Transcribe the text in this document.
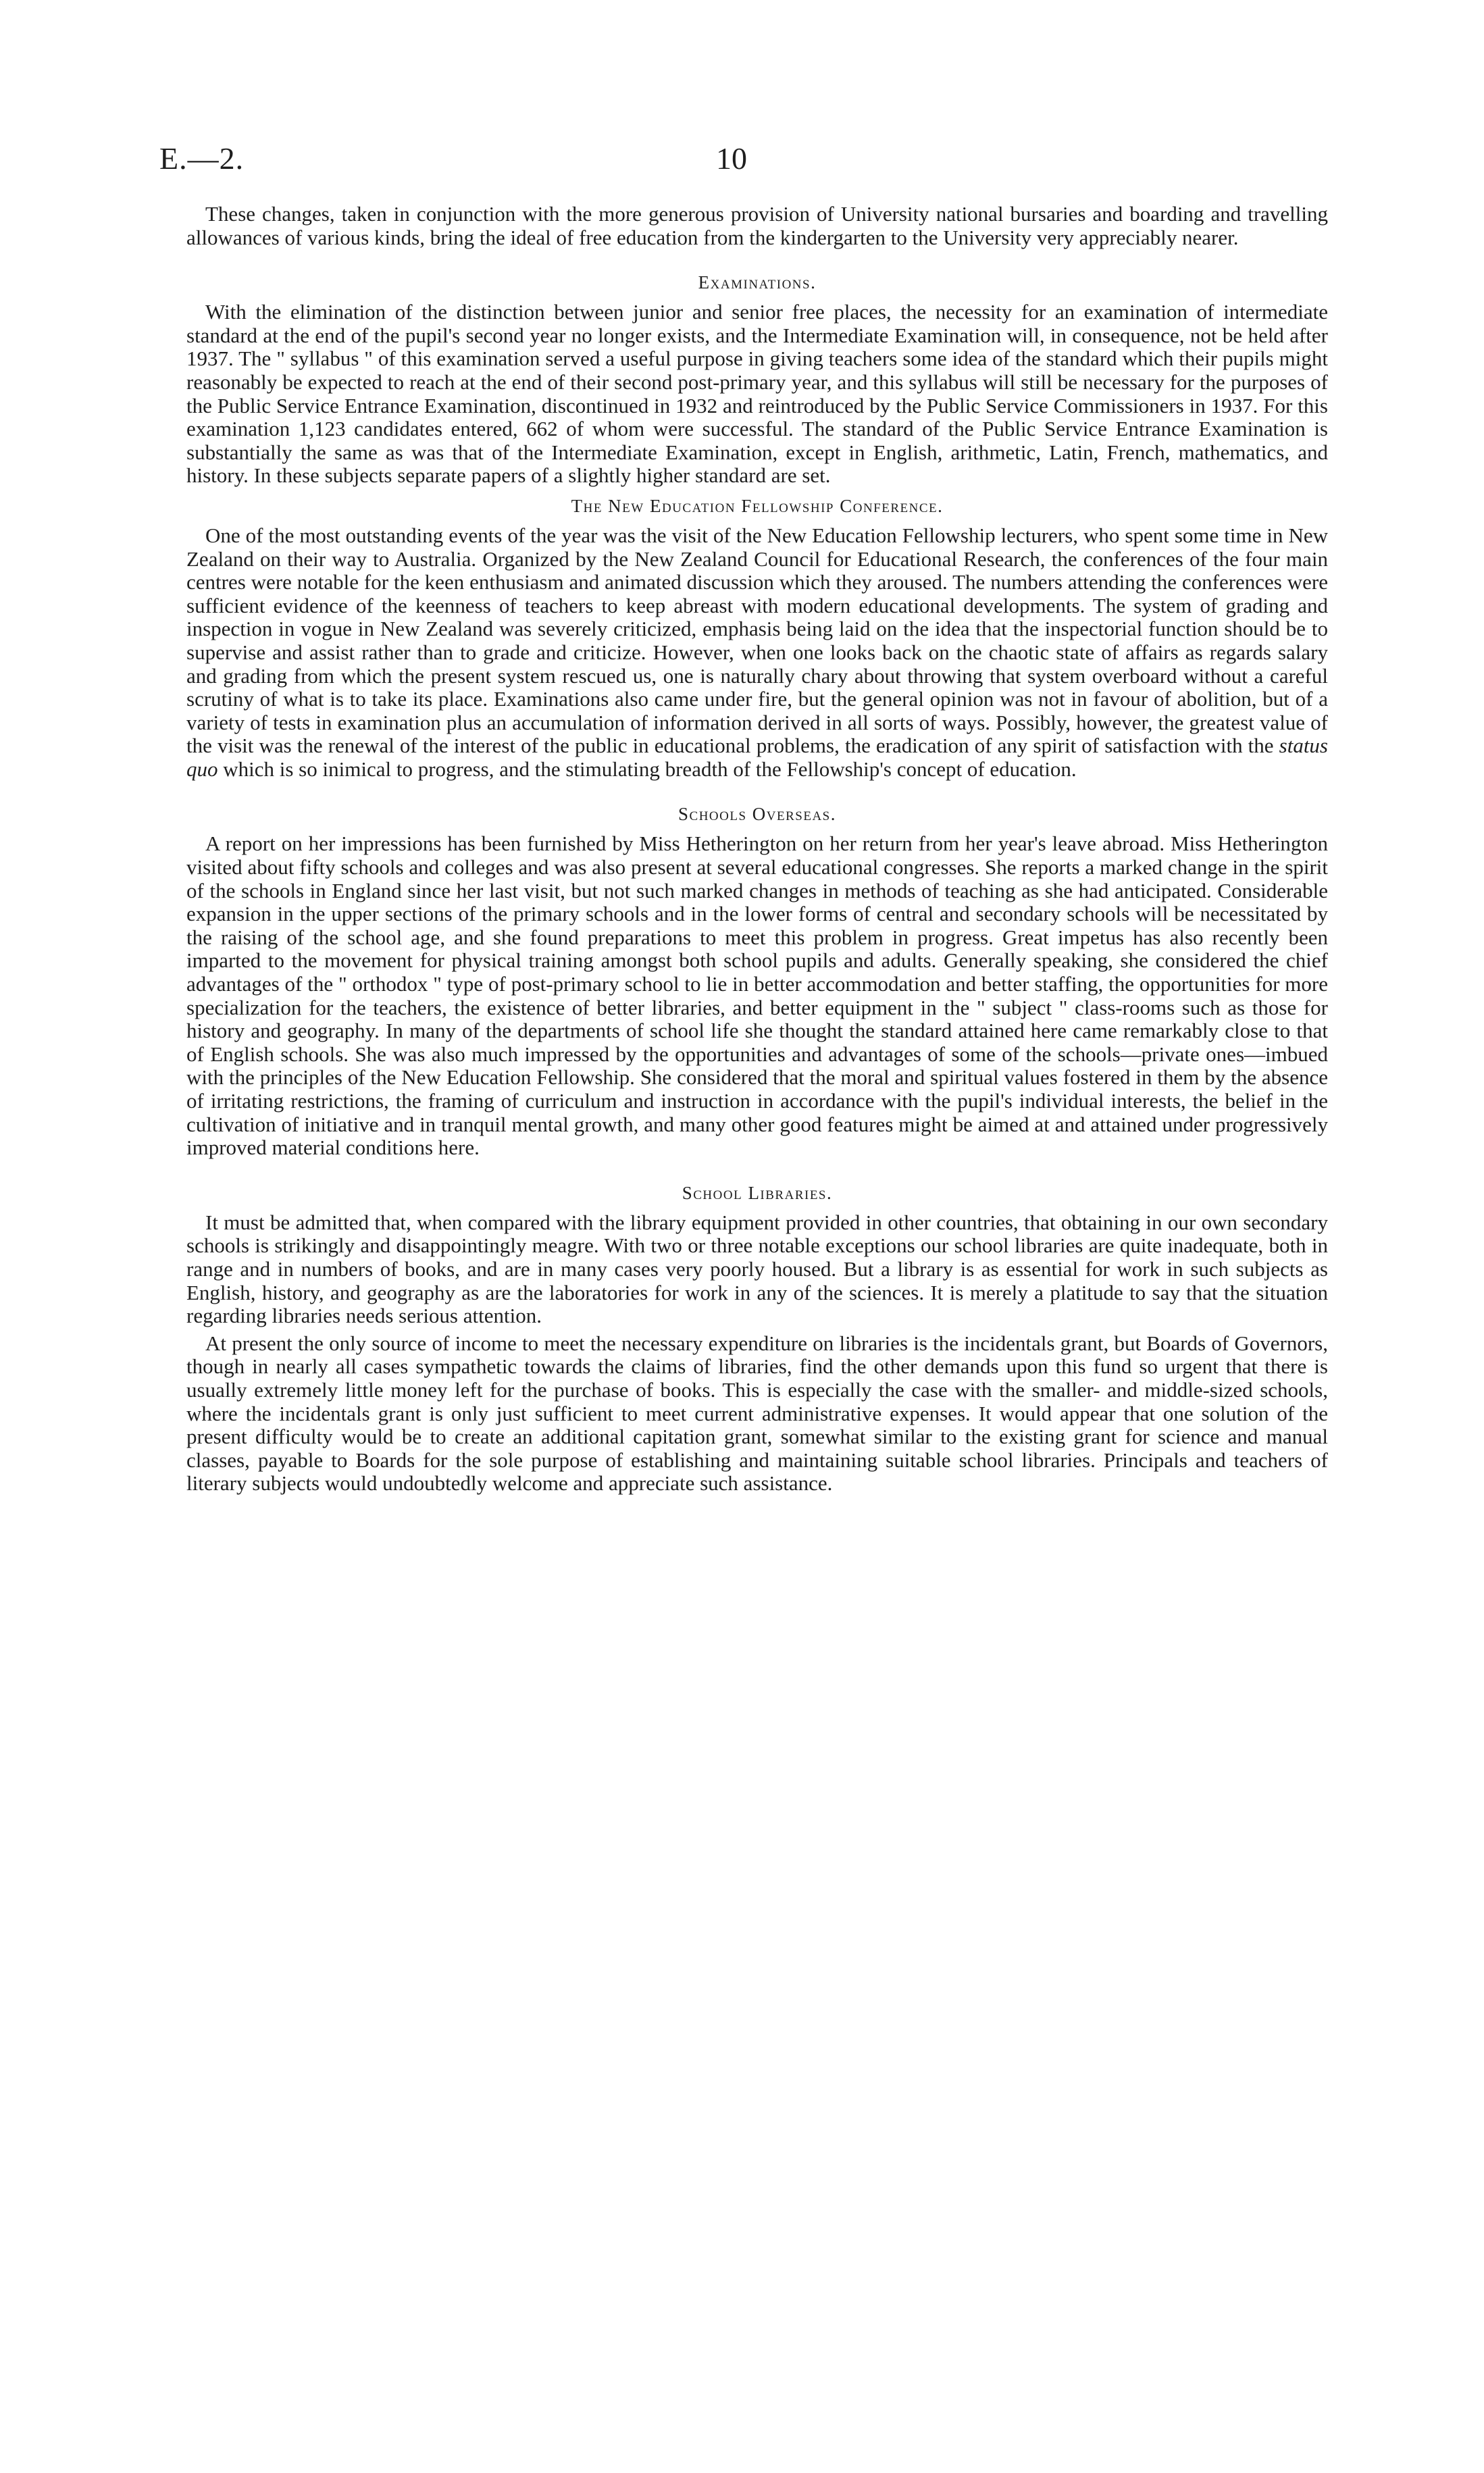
E.—2.	10

These changes, taken in conjunction with the more generous provision of University national bursaries and boarding and travelling allowances of various kinds, bring the ideal of free education from the kindergarten to the University very appreciably nearer.

Examinations.

With the elimination of the distinction between junior and senior free places, the necessity for an examination of intermediate standard at the end of the pupil's second year no longer exists, and the Intermediate Examination will, in consequence, not be held after 1937. The " syllabus " of this examination served a useful purpose in giving teachers some idea of the standard which their pupils might reasonably be expected to reach at the end of their second post-primary year, and this syllabus will still be necessary for the purposes of the Public Service Entrance Examination, discontinued in 1932 and reintroduced by the Public Service Commissioners in 1937. For this examination 1,123 candidates entered, 662 of whom were successful. The standard of the Public Service Entrance Examination is substantially the same as was that of the Intermediate Examination, except in English, arithmetic, Latin, French, mathematics, and history. In these subjects separate papers of a slightly higher standard are set.

The New Education Fellowship Conference.

One of the most outstanding events of the year was the visit of the New Education Fellowship lecturers, who spent some time in New Zealand on their way to Australia. Organized by the New Zealand Council for Educational Research, the conferences of the four main centres were notable for the keen enthusiasm and animated discussion which they aroused. The numbers attending the conferences were sufficient evidence of the keenness of teachers to keep abreast with modern educational developments. The system of grading and inspection in vogue in New Zealand was severely criticized, emphasis being laid on the idea that the inspectorial function should be to supervise and assist rather than to grade and criticize. However, when one looks back on the chaotic state of affairs as regards salary and grading from which the present system rescued us, one is naturally chary about throwing that system overboard without a careful scrutiny of what is to take its place. Examinations also came under fire, but the general opinion was not in favour of abolition, but of a variety of tests in examination plus an accumulation of information derived in all sorts of ways. Possibly, however, the greatest value of the visit was the renewal of the interest of the public in educational problems, the eradication of any spirit of satisfaction with the status quo which is so inimical to progress, and the stimulating breadth of the Fellowship's concept of education.

Schools Overseas.

A report on her impressions has been furnished by Miss Hetherington on her return from her year's leave abroad. Miss Hetherington visited about fifty schools and colleges and was also present at several educational congresses. She reports a marked change in the spirit of the schools in England since her last visit, but not such marked changes in methods of teaching as she had anticipated. Considerable expansion in the upper sections of the primary schools and in the lower forms of central and secondary schools will be necessitated by the raising of the school age, and she found preparations to meet this problem in progress. Great impetus has also recently been imparted to the movement for physical training amongst both school pupils and adults. Generally speaking, she considered the chief advantages of the " orthodox " type of post-primary school to lie in better accommodation and better staffing, the opportunities for more specialization for the teachers, the existence of better libraries, and better equipment in the " subject " class-rooms such as those for history and geography. In many of the departments of school life she thought the standard attained here came remarkably close to that of English schools. She was also much impressed by the opportunities and advantages of some of the schools—private ones—imbued with the principles of the New Education Fellowship. She considered that the moral and spiritual values fostered in them by the absence of irritating restrictions, the framing of curriculum and instruction in accordance with the pupil's individual interests, the belief in the cultivation of initiative and in tranquil mental growth, and many other good features might be aimed at and attained under progressively improved material conditions here.

School Libraries.

It must be admitted that, when compared with the library equipment provided in other countries, that obtaining in our own secondary schools is strikingly and disappointingly meagre. With two or three notable exceptions our school libraries are quite inadequate, both in range and in numbers of books, and are in many cases very poorly housed. But a library is as essential for work in such subjects as English, history, and geography as are the laboratories for work in any of the sciences. It is merely a platitude to say that the situation regarding libraries needs serious attention.

At present the only source of income to meet the necessary expenditure on libraries is the incidentals grant, but Boards of Governors, though in nearly all cases sympathetic towards the claims of libraries, find the other demands upon this fund so urgent that there is usually extremely little money left for the purchase of books. This is especially the case with the smaller- and middle-sized schools, where the incidentals grant is only just sufficient to meet current administrative expenses. It would appear that one solution of the present difficulty would be to create an additional capitation grant, somewhat similar to the existing grant for science and manual classes, payable to Boards for the sole purpose of establishing and maintaining suitable school libraries. Principals and teachers of literary subjects would undoubtedly welcome and appreciate such assistance.
